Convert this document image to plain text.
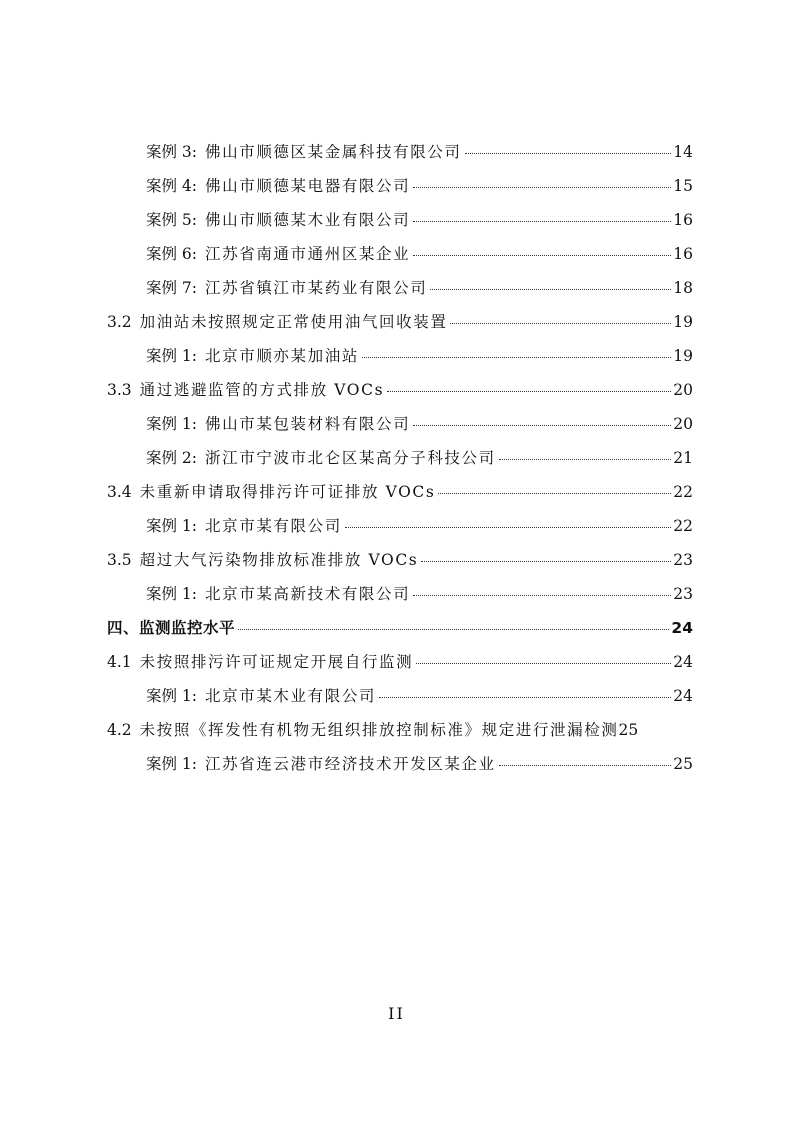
案例 3: 佛山市顺德区某金属科技有限公司	14
案例 4: 佛山市顺德某电器有限公司	15
案例 5: 佛山市顺德某木业有限公司	16
案例 6: 江苏省南通市通州区某企业	16
案例 7: 江苏省镇江市某药业有限公司	18
3.2 加油站未按照规定正常使用油气回收装置	19
案例 1: 北京市顺亦某加油站	19
3.3 通过逃避监管的方式排放 VOCs	20
案例 1: 佛山市某包装材料有限公司	20
案例 2: 浙江市宁波市北仑区某高分子科技公司	21
3.4 未重新申请取得排污许可证排放 VOCs	22
案例 1: 北京市某有限公司	22
3.5 超过大气污染物排放标准排放 VOCs	23
案例 1: 北京市某高新技术有限公司	23
四、监测监控水平	24
4.1 未按照排污许可证规定开展自行监测	24
案例 1: 北京市某木业有限公司	24
4.2 未按照《挥发性有机物无组织排放控制标准》规定进行泄漏检测 25
案例 1: 江苏省连云港市经济技术开发区某企业	25
II
